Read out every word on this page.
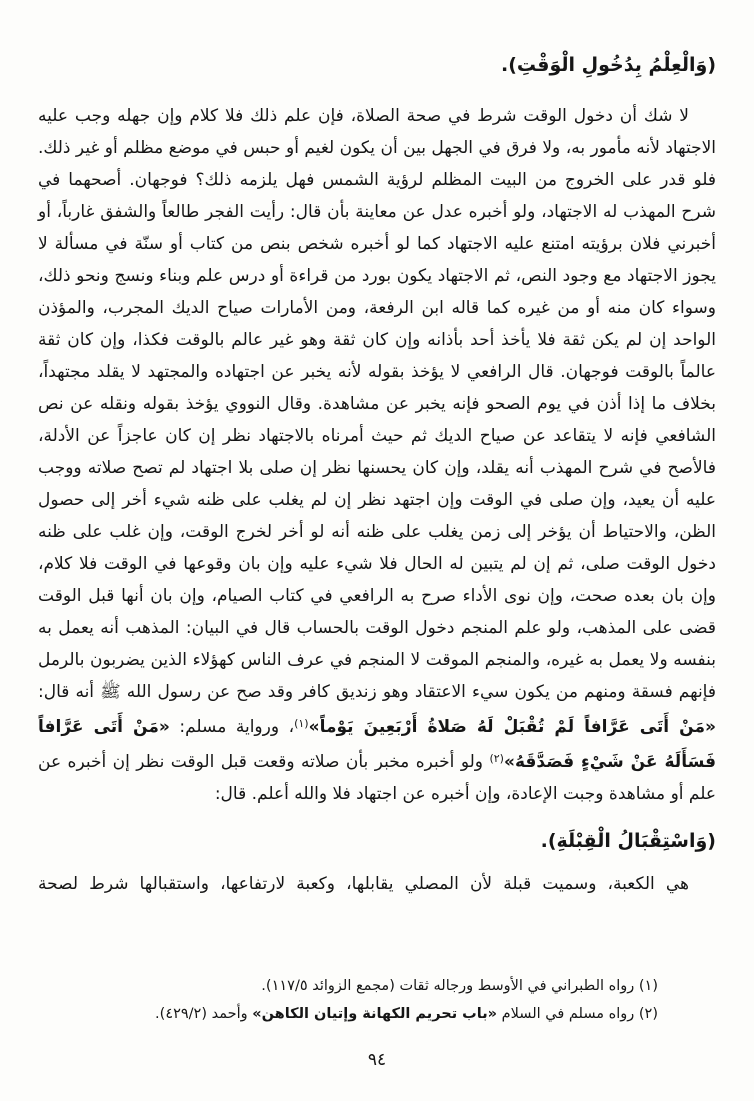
(وَالْعِلْمُ بِدُخُولِ الْوَقْتِ).

لا شك أن دخول الوقت شرط في صحة الصلاة، فإن علم ذلك فلا كلام وإن جهله وجب عليه الاجتهاد لأنه مأمور به، ولا فرق في الجهل بين أن يكون لغيم أو حبس في موضع مظلم أو غير ذلك. فلو قدر على الخروج من البيت المظلم لرؤية الشمس فهل يلزمه ذلك؟ فوجهان. أصحهما في شرح المهذب له الاجتهاد، ولو أخبره عدل عن معاينة بأن قال: رأيت الفجر طالعاً والشفق غارباً، أو أخبرني فلان برؤيته امتنع عليه الاجتهاد كما لو أخبره شخص بنص من كتاب أو سنّة في مسألة لا يجوز الاجتهاد مع وجود النص، ثم الاجتهاد يكون بورد من قراءة أو درس علم وبناء ونسج ونحو ذلك، وسواء كان منه أو من غيره كما قاله ابن الرفعة، ومن الأمارات صياح الديك المجرب، والمؤذن الواحد إن لم يكن ثقة فلا يأخذ أحد بأذانه وإن كان ثقة وهو غير عالم بالوقت فكذا، وإن كان ثقة عالماً بالوقت فوجهان. قال الرافعي لا يؤخذ بقوله لأنه يخبر عن اجتهاده والمجتهد لا يقلد مجتهداً، بخلاف ما إذا أذن في يوم الصحو فإنه يخبر عن مشاهدة. وقال النووي يؤخذ بقوله ونقله عن نص الشافعي فإنه لا يتقاعد عن صياح الديك ثم حيث أمرناه بالاجتهاد نظر إن كان عاجزاً عن الأدلة، فالأصح في شرح المهذب أنه يقلد، وإن كان يحسنها نظر إن صلى بلا اجتهاد لم تصح صلاته ووجب عليه أن يعيد، وإن صلى في الوقت وإن اجتهد نظر إن لم يغلب على ظنه شيء أخر إلى حصول الظن، والاحتياط أن يؤخر إلى زمن يغلب على ظنه أنه لو أخر لخرج الوقت، وإن غلب على ظنه دخول الوقت صلى، ثم إن لم يتبين له الحال فلا شيء عليه وإن بان وقوعها في الوقت فلا كلام، وإن بان بعده صحت، وإن نوى الأداء صرح به الرافعي في كتاب الصيام، وإن بان أنها قبل الوقت قضى على المذهب، ولو علم المنجم دخول الوقت بالحساب قال في البيان: المذهب أنه يعمل به بنفسه ولا يعمل به غيره، والمنجم الموقت لا المنجم في عرف الناس كهؤلاء الذين يضربون بالرمل فإنهم فسقة ومنهم من يكون سيء الاعتقاد وهو زنديق كافر وقد صح عن رسول الله ﷺ أنه قال: «مَنْ أَتَى عَرَّافاً لَمْ تُقْبَلْ لَهُ صَلاةُ أَرْبَعِينَ يَوْماً»$^{(١)}$، ورواية مسلم: «مَنْ أَتَى عَرَّافاً فَسَأَلَهُ عَنْ شَيْءٍ فَصَدَّقَهُ»$^{(٢)}$ ولو أخبره مخبر بأن صلاته وقعت قبل الوقت نظر إن أخبره عن علم أو مشاهدة وجبت الإعادة، وإن أخبره عن اجتهاد فلا والله أعلم. قال:

(وَاسْتِقْبَالُ الْقِبْلَةِ).

هي الكعبة، وسميت قبلة لأن المصلي يقابلها، وكعبة لارتفاعها، واستقبالها شرط لصحة

(١) رواه الطبراني في الأوسط ورجاله ثقات (مجمع الزوائد ١١٧/٥).

(٢) رواه مسلم في السلام «باب تحريم الكهانة وإتيان الكاهن» وأحمد (٤٢٩/٢).

٩٤
